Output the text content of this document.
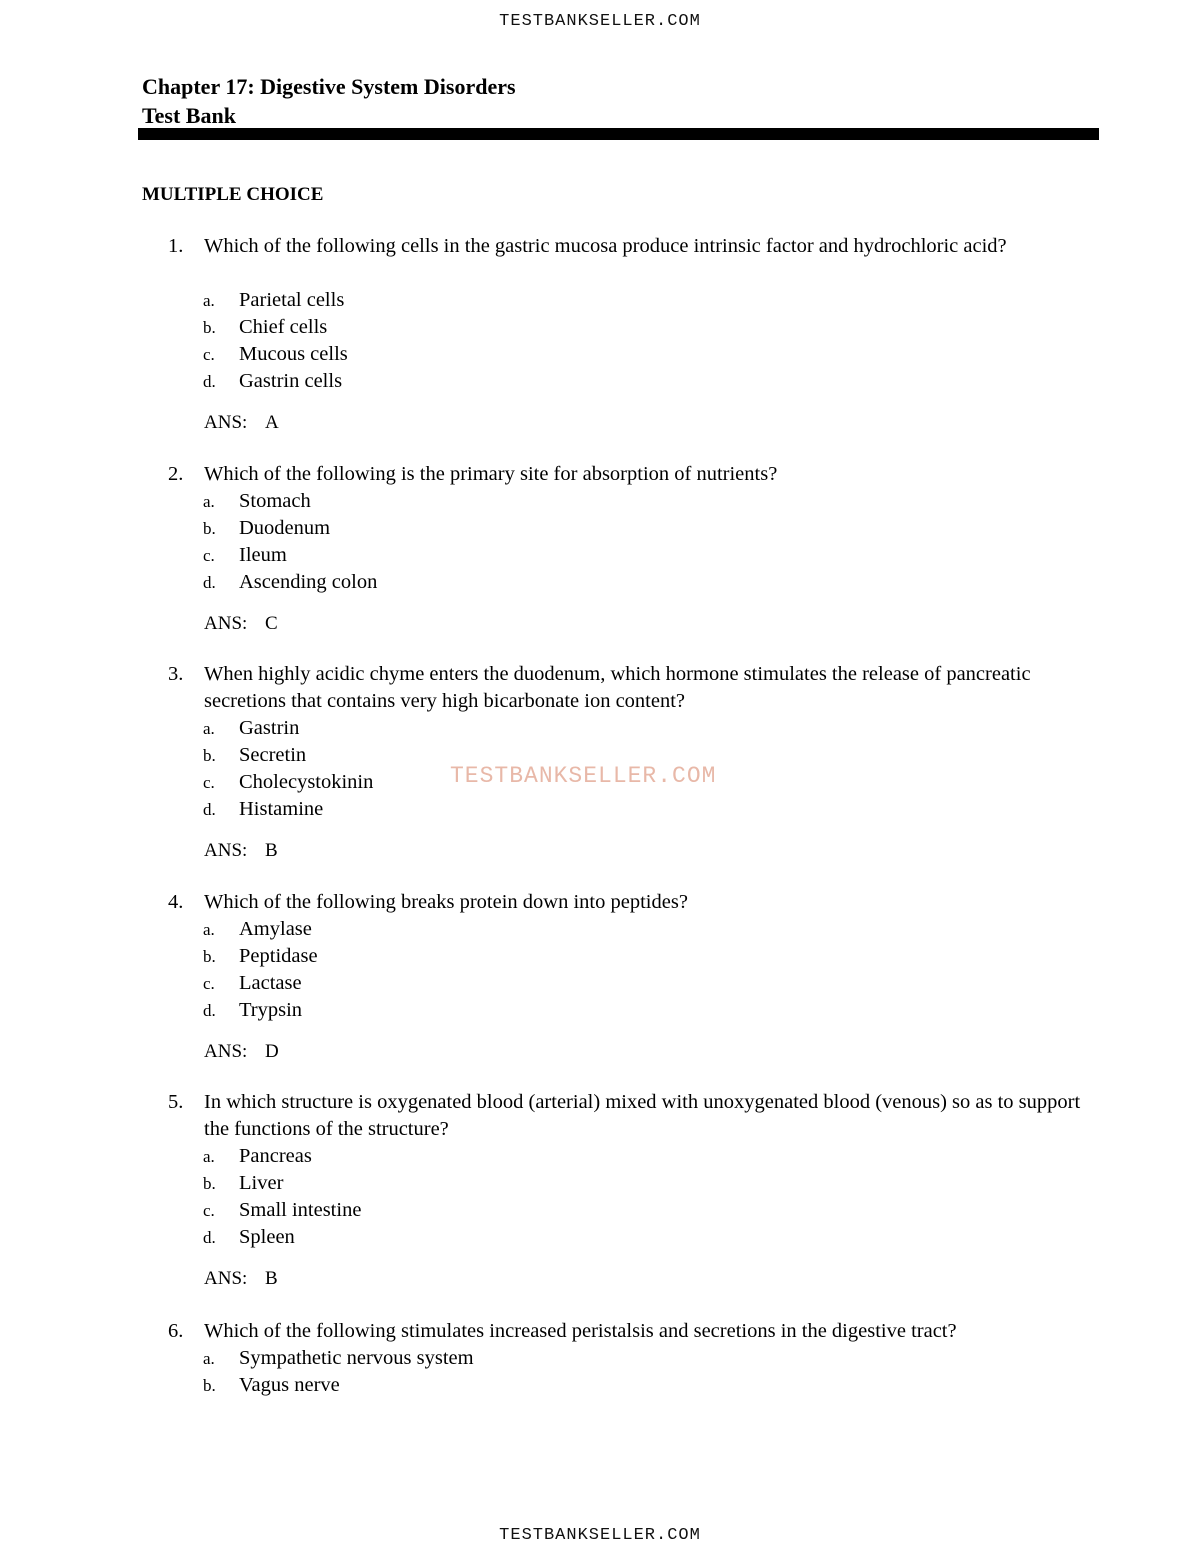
TESTBANKSELLER.COM
Chapter 17: Digestive System Disorders
Test Bank
MULTIPLE CHOICE
1. Which of the following cells in the gastric mucosa produce intrinsic factor and hydrochloric acid?
a. Parietal cells
b. Chief cells
c. Mucous cells
d. Gastrin cells
ANS: A
2. Which of the following is the primary site for absorption of nutrients?
a. Stomach
b. Duodenum
c. Ileum
d. Ascending colon
ANS: C
3. When highly acidic chyme enters the duodenum, which hormone stimulates the release of pancreatic secretions that contains very high bicarbonate ion content?
a. Gastrin
b. Secretin
c. Cholecystokinin
d. Histamine
ANS: B
4. Which of the following breaks protein down into peptides?
a. Amylase
b. Peptidase
c. Lactase
d. Trypsin
ANS: D
5. In which structure is oxygenated blood (arterial) mixed with unoxygenated blood (venous) so as to support the functions of the structure?
a. Pancreas
b. Liver
c. Small intestine
d. Spleen
ANS: B
6. Which of the following stimulates increased peristalsis and secretions in the digestive tract?
a. Sympathetic nervous system
b. Vagus nerve
TESTBANKSELLER.COM
TESTBANKSELLER.COM
